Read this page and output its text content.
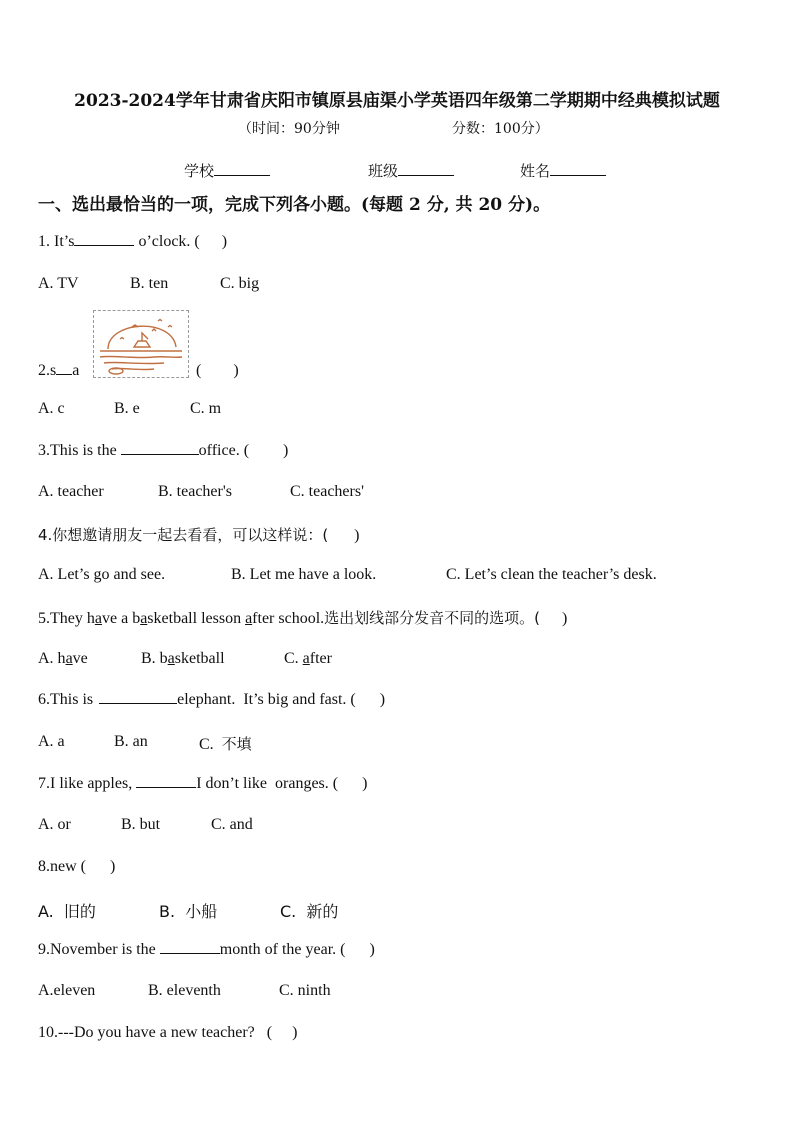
2023-2024学年甘肃省庆阳市镇原县庙渠小学英语四年级第二学期期中经典模拟试题
（时间：90分钟	分数：100分）
学校	班级	姓名
一、选出最恰当的一项，完成下列各小题。(每题 2 分, 共 20 分)。
1. It’s	o’clock. ( )
A. TV	B. ten	C. big
2.s a	(        )
A. c	B. e	C. m
3.This is the	office. ( )
A. teacher	B. teacher's	C. teachers'
4.你想邀请朋友一起去看看，可以这样说：( )
A. Let’s go and see.	B. Let me have a look.	C. Let’s clean the teacher’s desk.
5.They have a basketball lesson after school.选出划线部分发音不同的选项。( )
A. have	B. basketball	C. after
6.This is	elephant.  It’s big and fast. ( )
A. a	B. an	C. 不填
7.I like apples,	I don’t like  oranges. ( )
A. or	B. but	C. and
8.new ( )
A.  旧的	B.  小船	C.  新的
9.November is the	month of the year. ( )
A.eleven	B. eleventh	C. ninth
10.---Do you have a new teacher?   ( )
